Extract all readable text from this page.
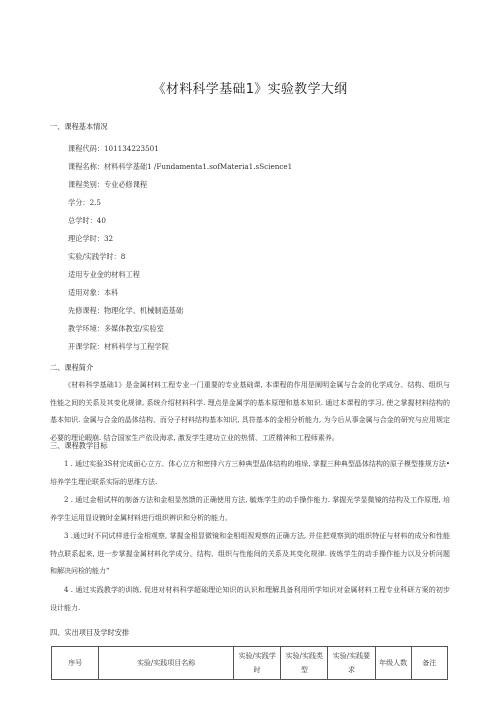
《材料科学基础1》实验教学大纲
一、课程基本情况
课程代码：101134223501
课程名称：材料科学基础1 /Fundamenta1.sofMateria1.sScience1
课程类别：专业必修课程
学分：2.5
总学时：40
理论学时：32
实验/实践学时：8
适用专业金的材料工程
适用对象：本科
先修课程：物理化学、机械制造基础
教学环境：多媒体教室/实验室
开课学院：材料科学与工程学院
二、课程简介
《材料科学基础1》是金属材料工程专业一门重要的专业基础课, 本课程的作用是阐明金属与合金的化学成分、结构、组织与性能之间的关系及其变化规律, 系统介绍材料科学. 理点是金属学的基本原理和基本知识. 通过本课程的学习, 使之掌握材料结构的基本知识. 金属与合金的晶体结构、而分子材料结构基本知识, 具符基本的金相分析能力, 为今后从事金属与合金的研究与应用规定必要的理论暇崩. 结合国家生产依设海求, 激发学生建功立业的热情、工匠精神和工程师素养。
三、课程教学目标
1 . 通过实验3S材完成面心立方、体心立方和密排六方三种典型晶体结构的堆垛, 掌握三种典型晶体结构的原子模型推规方法•培养学生理论联系实际的思维方法.
2 . 通过金相试样的制备方法和金相显然馈的正确使用方法, 毓炼学生的动手操作能力. 掌握光学显微镜的结构及工作原理, 培养学生运用显设镀时金属材料进行组织辨识和分析的能力。
3 .通过时不同试样进行金相观察, 掌握金相显微镜和金相组视观察的正确方法, 并住把观察到的组织特征与材料的成分和性能特点联系起来, 进一步掌握金属材料化学成分、结构、组织与性能间的关系及其变化规律. 彼炼学生的动手操作能力以及分析问题和解决问检的能力“
序号	实验/实践项目名称	实验/实践学时	实验/实践类型	实验/实践要求	年级人数	备注
4 . 通过实践教学的训练, 促进对材料科学超础理论知识的认识和理解具备利用所学知识对金属材料工程专业科研方案的初步设计能力.
四、实出项目及学时安排
